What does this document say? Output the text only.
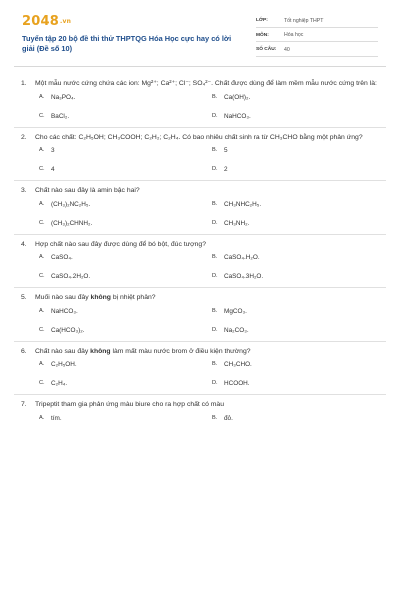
2048.vn
Tuyển tập 20 bộ đề thi thử THPTQG Hóa Học cực hay có lời giải (Đề số 10)
LỚP:	Tốt nghiệp THPT
MÔN:	Hóa học
SỐ CÂU:	40
1.	Một mẫu nước cứng chứa các ion: Mg²⁺; Ca²⁺; Cl⁻; SO₄²⁻. Chất được dùng để làm mềm mẫu nước cứng trên là:
A.	Na₃PO₄.	B.	Ca(OH)₂.
C.	BaCl₂.	D.	NaHCO₃.
2.	Cho các chất: C₂H₅OH; CH₃COOH; C₂H₂; C₂H₄. Có bao nhiêu chất sinh ra từ CH₃CHO bằng một phản ứng?
A.	3	B.	5
C.	4	D.	2
3.	Chất nào sau đây là amin bậc hai?
A.	(CH₃)₂NC₂H₅.	B.	CH₃NHC₂H₅.
C.	(CH₃)₂CHNH₂.	D.	CH₃NH₂.
4.	Hợp chất nào sau đây được dùng để bó bột, đúc tượng?
A.	CaSO₄.	B.	CaSO₄.H₂O.
C.	CaSO₄.2H₂O.	D.	CaSO₄.3H₂O.
5.	Muối nào sau đây không bị nhiệt phân?
A.	NaHCO₃.	B.	MgCO₃.
C.	Ca(HCO₃)₂.	D.	Na₂CO₃.
6.	Chất nào sau đây không làm mất màu nước brom ở điều kiện thường?
A.	C₂H₅OH.	B.	CH₃CHO.
C.	C₂H₄.	D.	HCOOH.
7.	Tripeptit tham gia phản ứng màu biure cho ra hợp chất có màu
A.	tím.	B.	đỏ.
